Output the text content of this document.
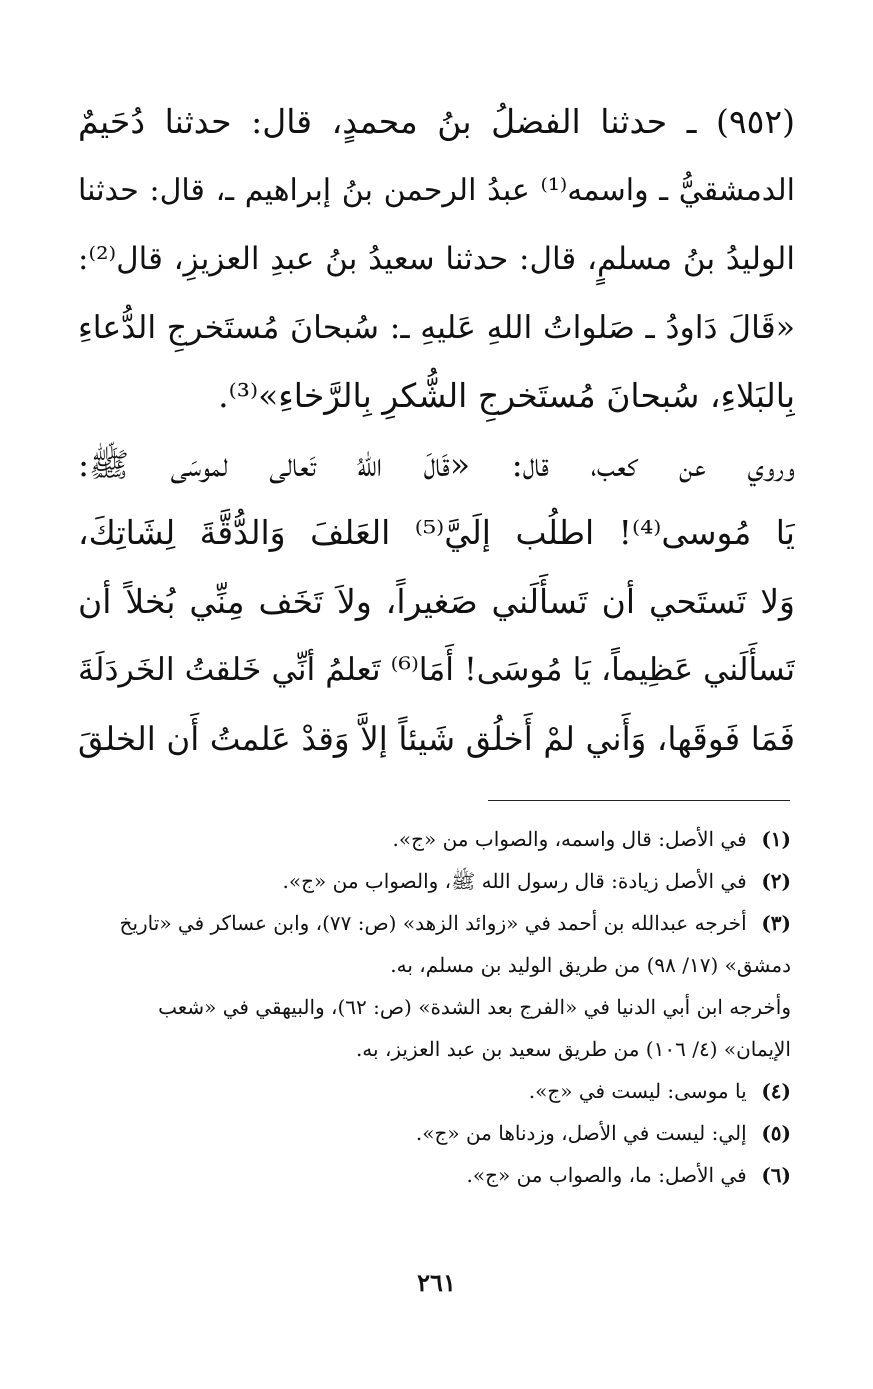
(٩٥٢) ـ حدثنا الفضلُ بنُ محمدٍ، قال: حدثنا دُحَيمٌ
الدمشقيُّ ـ واسمه⁽¹⁾ عبدُ الرحمن بنُ إبراهيم ـ، قال: حدثنا
الوليدُ بنُ مسلمٍ، قال: حدثنا سعيدُ بنُ عبدِ العزيزِ، قال⁽²⁾:
«قَالَ دَاودُ ـ صَلواتُ اللهِ عَليهِ ـ: سُبحانَ مُستَخرجِ الدُّعاءِ
بِالبَلاءِ، سُبحانَ مُستَخرجِ الشُّكرِ بِالرَّخاءِ»⁽³⁾.
وروي عن كعب، قال: «قَالَ اللهُ تَعالى لموسَى ﷺ:
يَا مُوسى⁽⁴⁾! اطلُب إلَيَّ⁽⁵⁾ العَلفَ وَالدُّقَّةَ لِشَاتِكَ،
وَلا تَستَحي أن تَسأَلَني صَغيراً، ولاَ تَخَف مِنِّي بُخلاً أن
تَسأَلَني عَظِيماً، يَا مُوسَى! أَمَا⁽⁶⁾ تَعلمُ أنِّي خَلقتُ الخَردَلَةَ
فَمَا فَوقَها، وَأَني لمْ أَخلُق شَيئاً إلاَّ وَقدْ عَلمتُ أَن الخلقَ
(١) في الأصل: قال واسمه، والصواب من «ج».
(٢) في الأصل زيادة: قال رسول الله ﷺ، والصواب من «ج».
(٣) أخرجه عبدالله بن أحمد في «زوائد الزهد» (ص: ٧٧)، وابن عساكر في «تاريخ
دمشق» (١٧/ ٩٨) من طريق الوليد بن مسلم، به.
وأخرجه ابن أبي الدنيا في «الفرج بعد الشدة» (ص: ٦٢)، والبيهقي في «شعب
الإيمان» (٤/ ١٠٦) من طريق سعيد بن عبد العزيز، به.
(٤) يا موسى: ليست في «ج».
(٥) إلي: ليست في الأصل، وزدناها من «ج».
(٦) في الأصل: ما، والصواب من «ج».
٢٦١
